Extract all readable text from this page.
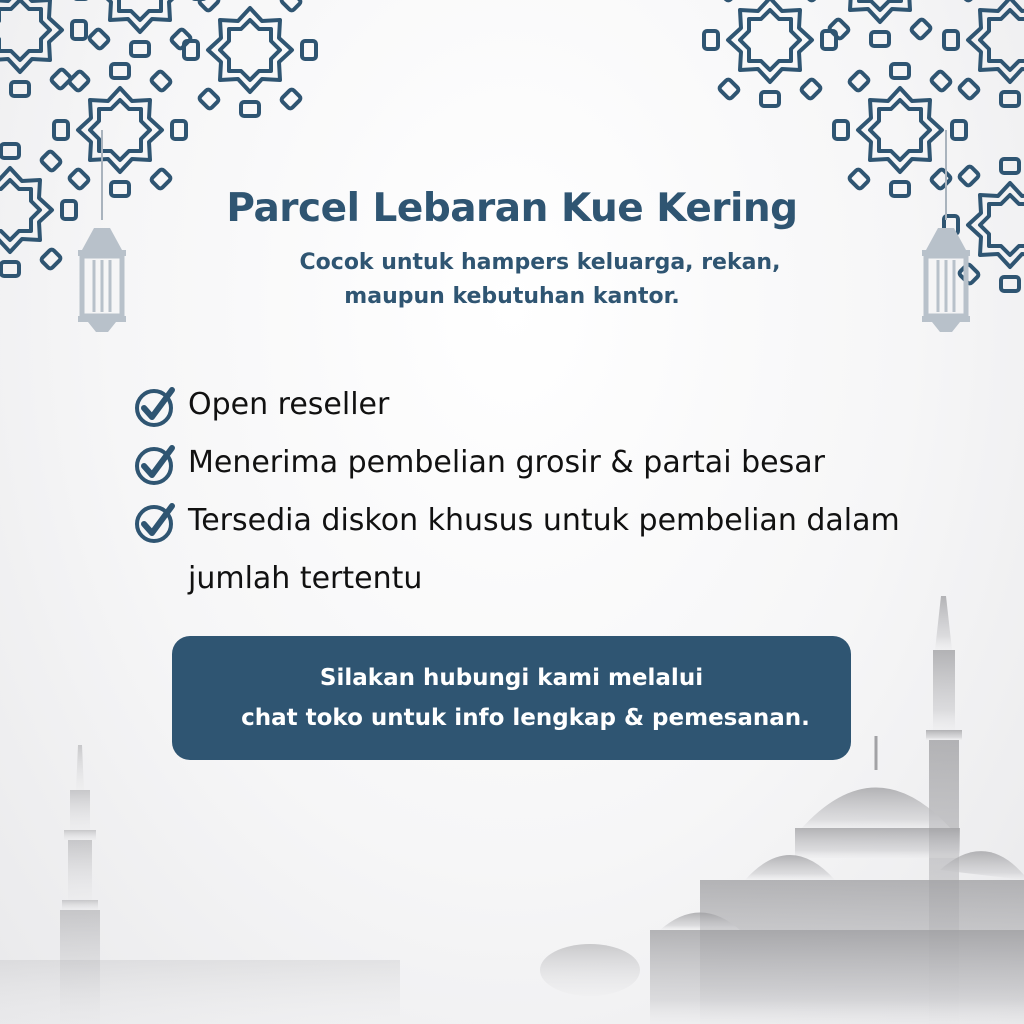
Parcel Lebaran Kue Kering

Cocok untuk hampers keluarga, rekan,
maupun kebutuhan kantor.

Open reseller
Menerima pembelian grosir & partai besar
Tersedia diskon khusus untuk pembelian dalam jumlah tertentu
Silakan hubungi kami melalui
chat toko untuk info lengkap & pemesanan.
